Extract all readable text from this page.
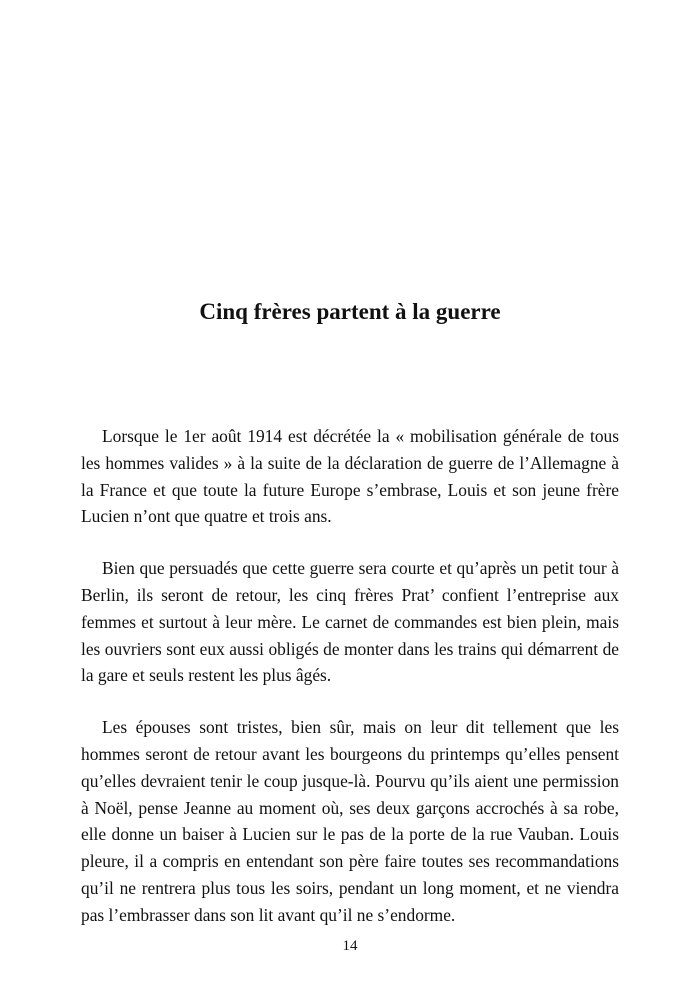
Cinq frères partent à la guerre

Lorsque le 1er août 1914 est décrétée la « mobilisation générale de tous les hommes valides » à la suite de la déclaration de guerre de l’Allemagne à la France et que toute la future Europe s’embrase, Louis et son jeune frère Lucien n’ont que quatre et trois ans.

Bien que persuadés que cette guerre sera courte et qu’après un petit tour à Berlin, ils seront de retour, les cinq frères Prat’ confient l’entreprise aux femmes et surtout à leur mère. Le carnet de commandes est bien plein, mais les ouvriers sont eux aussi obligés de monter dans les trains qui démarrent de la gare et seuls restent les plus âgés.

Les épouses sont tristes, bien sûr, mais on leur dit tellement que les hommes seront de retour avant les bourgeons du printemps qu’elles pensent qu’elles devraient tenir le coup jusque-là. Pourvu qu’ils aient une permission à Noël, pense Jeanne au moment où, ses deux garçons accrochés à sa robe, elle donne un baiser à Lucien sur le pas de la porte de la rue Vauban. Louis pleure, il a compris en entendant son père faire toutes ses recommandations qu’il ne rentrera plus tous les soirs, pendant un long moment, et ne viendra pas l’embrasser dans son lit avant qu’il ne s’endorme.

14
